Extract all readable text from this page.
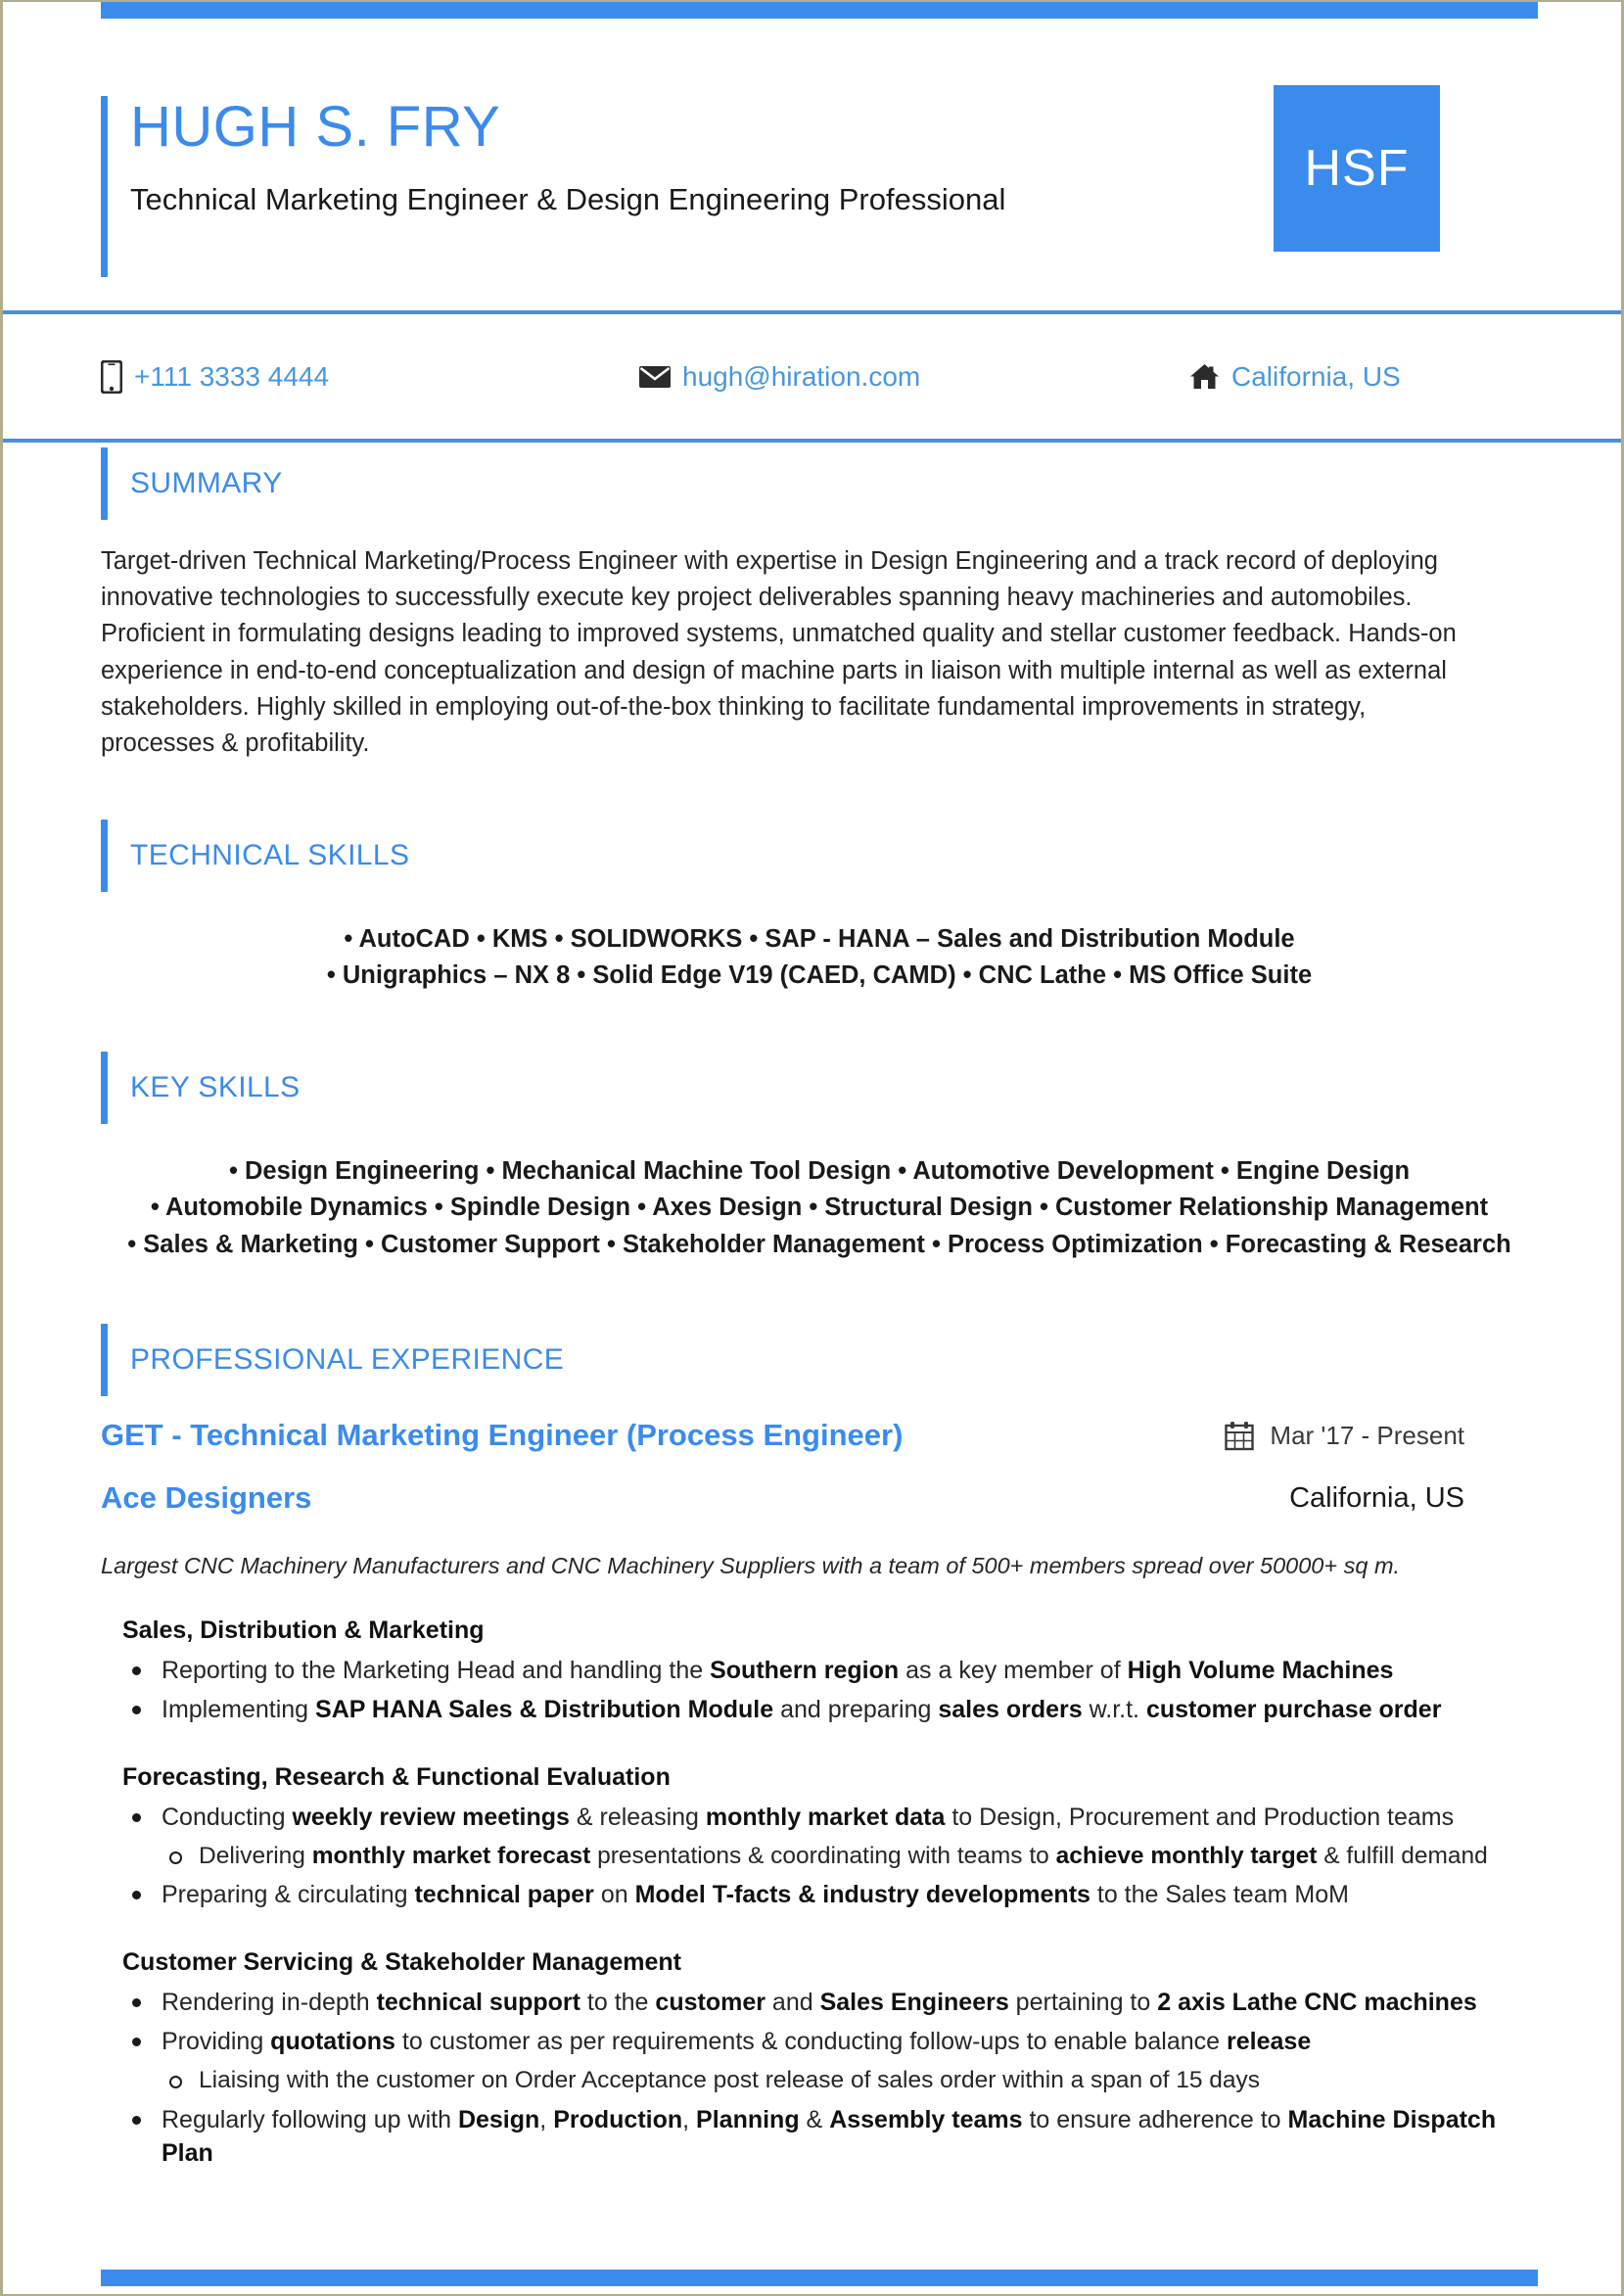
HUGH S. FRY
Technical Marketing Engineer & Design Engineering Professional
HSF
+111 3333 4444	hugh@hiration.com	California, US
SUMMARY
Target-driven Technical Marketing/Process Engineer with expertise in Design Engineering and a track record of deploying innovative technologies to successfully execute key project deliverables spanning heavy machineries and automobiles. Proficient in formulating designs leading to improved systems, unmatched quality and stellar customer feedback. Hands-on experience in end-to-end conceptualization and design of machine parts in liaison with multiple internal as well as external stakeholders. Highly skilled in employing out-of-the-box thinking to facilitate fundamental improvements in strategy, processes & profitability.
TECHNICAL SKILLS
• AutoCAD • KMS • SOLIDWORKS • SAP - HANA – Sales and Distribution Module
• Unigraphics – NX 8 • Solid Edge V19 (CAED, CAMD) • CNC Lathe • MS Office Suite
KEY SKILLS
• Design Engineering • Mechanical Machine Tool Design • Automotive Development • Engine Design
• Automobile Dynamics • Spindle Design • Axes Design • Structural Design • Customer Relationship Management
• Sales & Marketing • Customer Support • Stakeholder Management • Process Optimization • Forecasting & Research
PROFESSIONAL EXPERIENCE
GET - Technical Marketing Engineer (Process Engineer)	Mar '17 - Present
Ace Designers	California, US
Largest CNC Machinery Manufacturers and CNC Machinery Suppliers with a team of 500+ members spread over 50000+ sq m.
Sales, Distribution & Marketing
Reporting to the Marketing Head and handling the Southern region as a key member of High Volume Machines
Implementing SAP HANA Sales & Distribution Module and preparing sales orders w.r.t. customer purchase order
Forecasting, Research & Functional Evaluation
Conducting weekly review meetings & releasing monthly market data to Design, Procurement and Production teams
Delivering monthly market forecast presentations & coordinating with teams to achieve monthly target & fulfill demand
Preparing & circulating technical paper on Model T-facts & industry developments to the Sales team MoM
Customer Servicing & Stakeholder Management
Rendering in-depth technical support to the customer and Sales Engineers pertaining to 2 axis Lathe CNC machines
Providing quotations to customer as per requirements & conducting follow-ups to enable balance release
Liaising with the customer on Order Acceptance post release of sales order within a span of 15 days
Regularly following up with Design, Production, Planning & Assembly teams to ensure adherence to Machine Dispatch Plan
